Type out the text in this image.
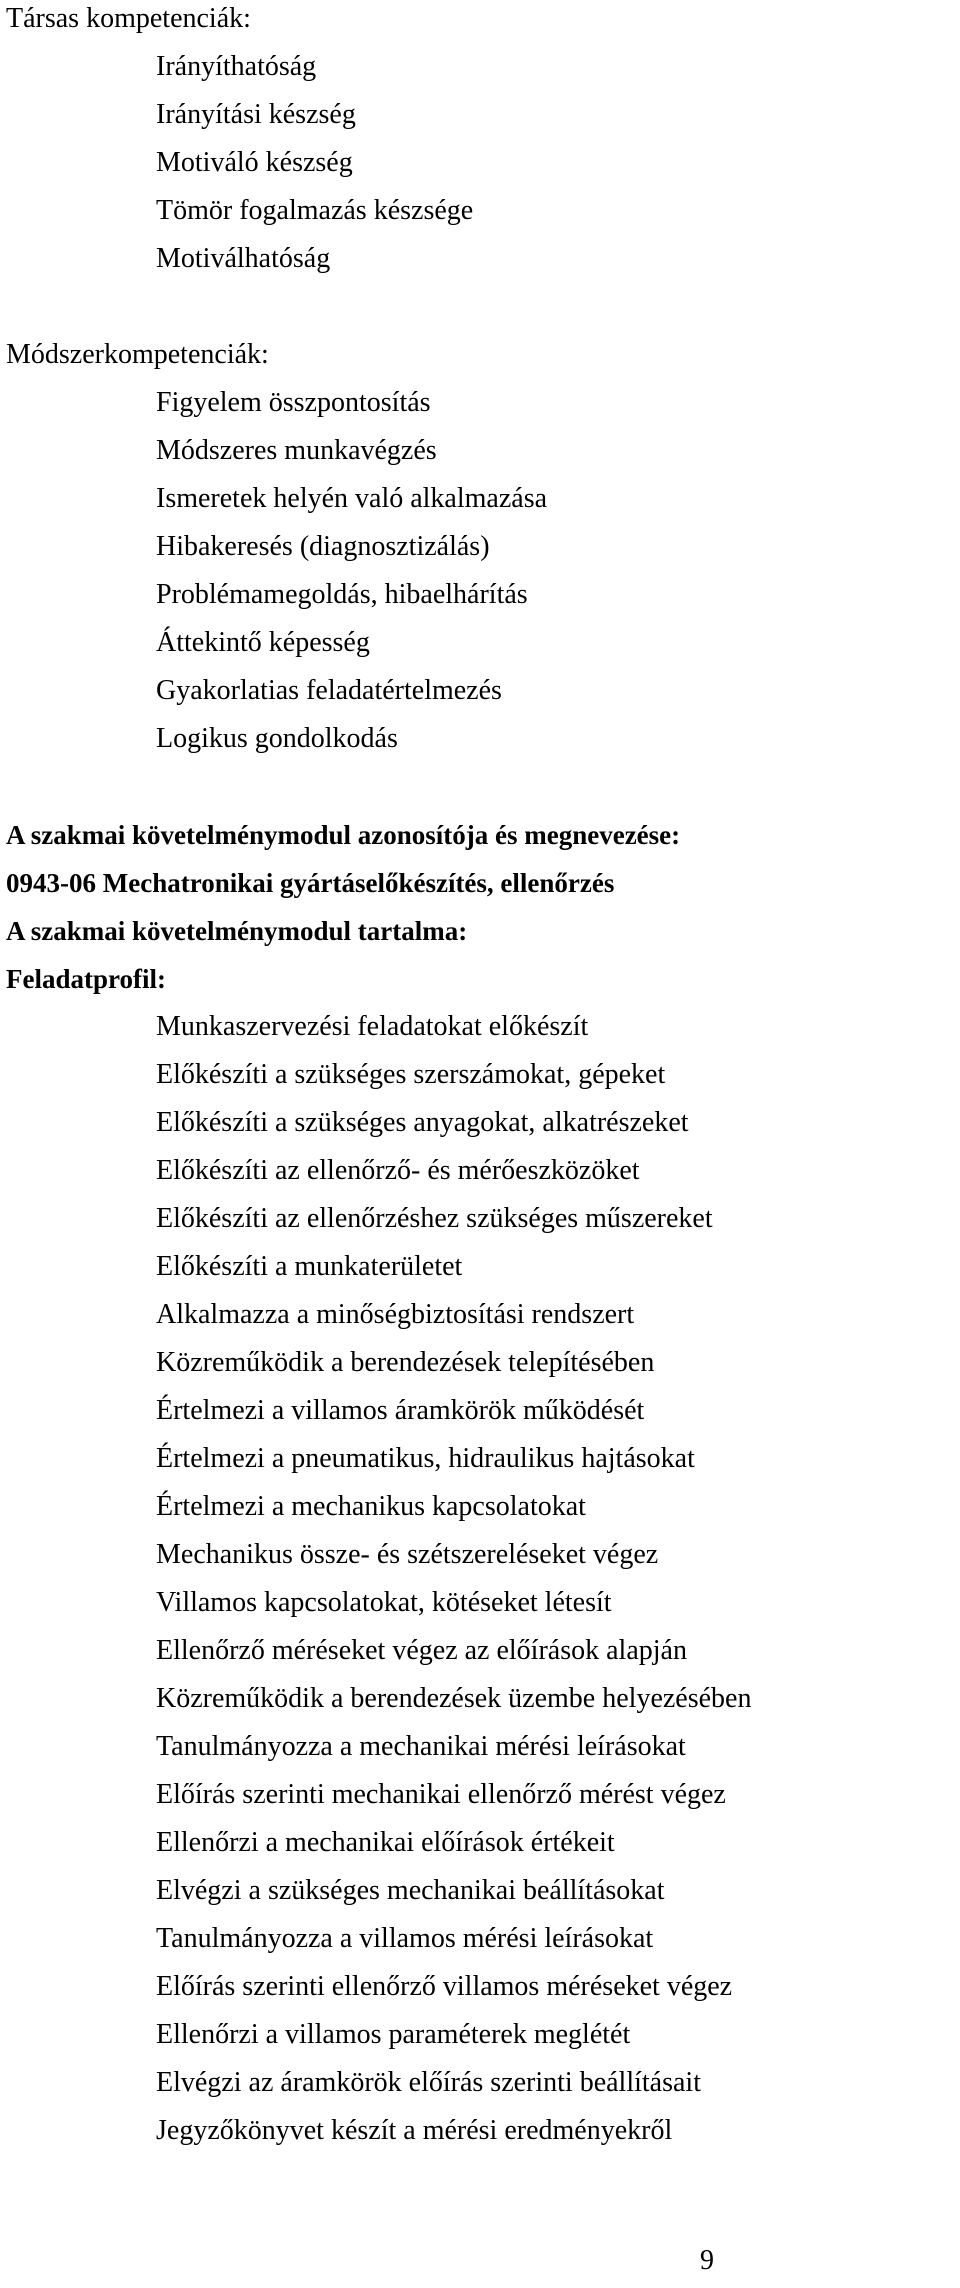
Társas kompetenciák:
Irányíthatóság
Irányítási készség
Motiváló készség
Tömör fogalmazás készsége
Motiválhatóság
Módszerkompetenciák:
Figyelem összpontosítás
Módszeres munkavégzés
Ismeretek helyén való alkalmazása
Hibakeresés (diagnosztizálás)
Problémamegoldás, hibaelhárítás
Áttekintő képesség
Gyakorlatias feladatértelmezés
Logikus gondolkodás
A szakmai követelménymodul azonosítója és megnevezése:
0943-06 Mechatronikai gyártáselőkészítés, ellenőrzés
A szakmai követelménymodul tartalma:
Feladatprofil:
Munkaszervezési feladatokat előkészít
Előkészíti a szükséges szerszámokat, gépeket
Előkészíti a szükséges anyagokat, alkatrészeket
Előkészíti az ellenőrző- és mérőeszközöket
Előkészíti az ellenőrzéshez szükséges műszereket
Előkészíti a munkaterületet
Alkalmazza a minőségbiztosítási rendszert
Közreműködik a berendezések telepítésében
Értelmezi a villamos áramkörök működését
Értelmezi a pneumatikus, hidraulikus hajtásokat
Értelmezi a mechanikus kapcsolatokat
Mechanikus össze- és szétszereléseket végez
Villamos kapcsolatokat, kötéseket létesít
Ellenőrző méréseket végez az előírások alapján
Közreműködik a berendezések üzembe helyezésében
Tanulmányozza a mechanikai mérési leírásokat
Előírás szerinti mechanikai ellenőrző mérést végez
Ellenőrzi a mechanikai előírások értékeit
Elvégzi a szükséges mechanikai beállításokat
Tanulmányozza a villamos mérési leírásokat
Előírás szerinti ellenőrző villamos méréseket végez
Ellenőrzi a villamos paraméterek meglétét
Elvégzi az áramkörök előírás szerinti beállításait
Jegyzőkönyvet készít a mérési eredményekről
9
